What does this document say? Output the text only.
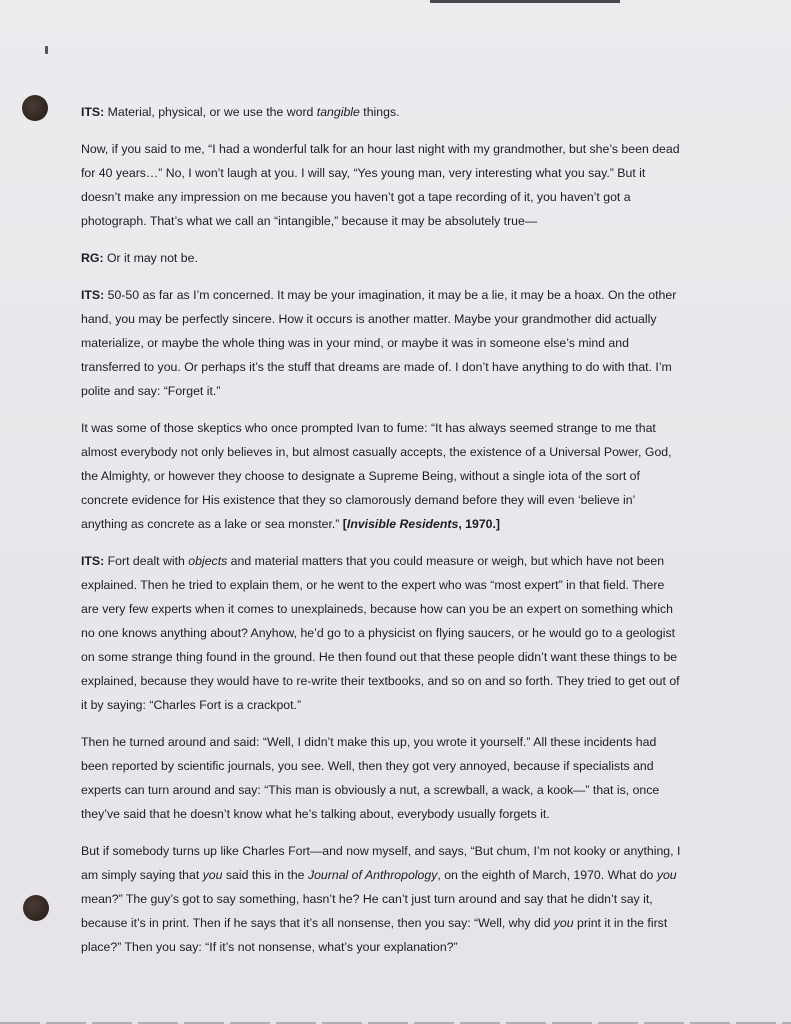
ITS: Material, physical, or we use the word tangible things.

Now, if you said to me, “I had a wonderful talk for an hour last night with my grandmother, but she’s been dead for 40 years…” No, I won’t laugh at you. I will say, “Yes young man, very interesting what you say.” But it doesn’t make any impression on me because you haven’t got a tape recording of it, you haven’t got a photograph. That’s what we call an “intangible,” because it may be absolutely true—

RG: Or it may not be.

ITS: 50-50 as far as I’m concerned. It may be your imagination, it may be a lie, it may be a hoax. On the other hand, you may be perfectly sincere. How it occurs is another matter. Maybe your grandmother did actually materialize, or maybe the whole thing was in your mind, or maybe it was in someone else’s mind and transferred to you. Or perhaps it’s the stuff that dreams are made of. I don’t have anything to do with that. I’m polite and say: “Forget it.”

It was some of those skeptics who once prompted Ivan to fume: “It has always seemed strange to me that almost everybody not only believes in, but almost casually accepts, the existence of a Universal Power, God, the Almighty, or however they choose to designate a Supreme Being, without a single iota of the sort of concrete evidence for His existence that they so clamorously demand before they will even ‘believe in’ anything as concrete as a lake or sea monster.” [Invisible Residents, 1970.]

ITS: Fort dealt with objects and material matters that you could measure or weigh, but which have not been explained. Then he tried to explain them, or he went to the expert who was “most expert” in that field. There are very few experts when it comes to unexplaineds, because how can you be an expert on something which no one knows anything about? Anyhow, he’d go to a physicist on flying saucers, or he would go to a geologist on some strange thing found in the ground. He then found out that these people didn’t want these things to be explained, because they would have to re-write their textbooks, and so on and so forth. They tried to get out of it by saying: “Charles Fort is a crackpot.”

Then he turned around and said: “Well, I didn’t make this up, you wrote it yourself.” All these incidents had been reported by scientific journals, you see. Well, then they got very annoyed, because if specialists and experts can turn around and say: “This man is obviously a nut, a screwball, a wack, a kook—” that is, once they’ve said that he doesn’t know what he’s talking about, everybody usually forgets it.

But if somebody turns up like Charles Fort—and now myself, and says, “But chum, I’m not kooky or anything, I am simply saying that you said this in the Journal of Anthropology, on the eighth of March, 1970. What do you mean?” The guy’s got to say something, hasn’t he? He can’t just turn around and say that he didn’t say it, because it’s in print. Then if he says that it’s all nonsense, then you say: “Well, why did you print it in the first place?” Then you say: “If it’s not nonsense, what’s your explanation?”
